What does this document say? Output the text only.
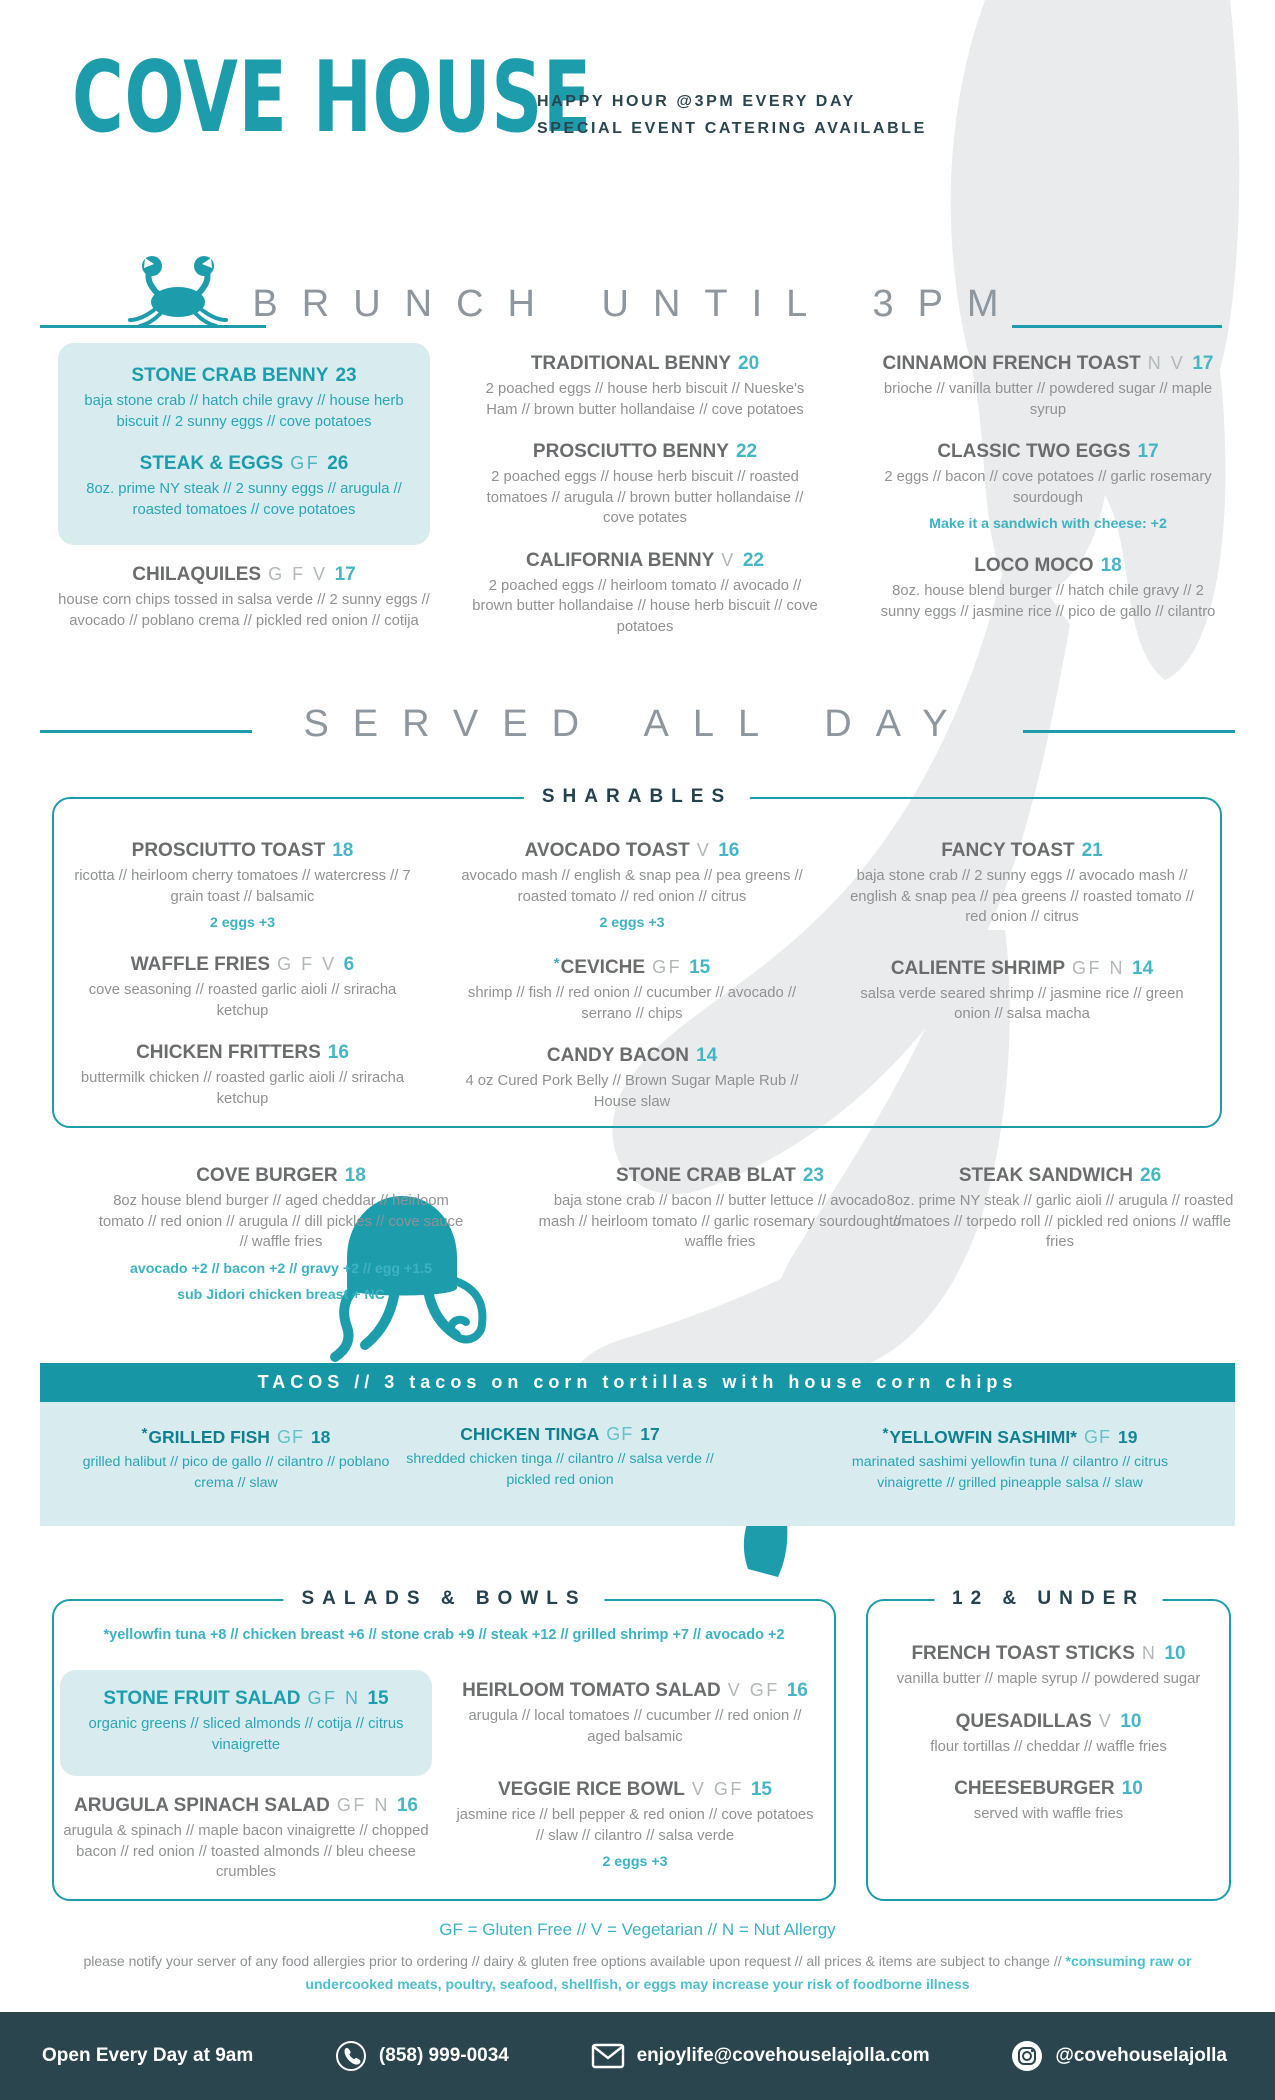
COVE HOUSE
HAPPY HOUR @3PM EVERY DAY
SPECIAL EVENT CATERING AVAILABLE
BRUNCH UNTIL 3PM
STONE CRAB BENNY 23
baja stone crab // hatch chile gravy // house herb biscuit // 2 sunny eggs // cove potatoes
STEAK & EGGS GF 26
8oz. prime NY steak // 2 sunny eggs // arugula // roasted tomatoes // cove potatoes
CHILAQUILES G F V 17
house corn chips tossed in salsa verde // 2 sunny eggs // avocado // poblano crema // pickled red onion // cotija
TRADITIONAL BENNY 20
2 poached eggs // house herb biscuit // Nueske's Ham // brown butter hollandaise // cove potatoes
PROSCIUTTO BENNY 22
2 poached eggs // house herb biscuit // roasted tomatoes // arugula // brown butter hollandaise // cove potates
CALIFORNIA BENNY V 22
2 poached eggs // heirloom tomato // avocado // brown butter hollandaise // house herb biscuit // cove potatoes
CINNAMON FRENCH TOAST N V 17
brioche // vanilla butter // powdered sugar // maple syrup
CLASSIC TWO EGGS 17
2 eggs // bacon // cove potatoes // garlic rosemary sourdough
Make it a sandwich with cheese: +2
LOCO MOCO 18
8oz. house blend burger // hatch chile gravy // 2 sunny eggs // jasmine rice // pico de gallo // cilantro
SERVED ALL DAY
SHARABLES
PROSCIUTTO TOAST 18
ricotta // heirloom cherry tomatoes // watercress // 7 grain toast // balsamic
2 eggs +3
WAFFLE FRIES G F V 6
cove seasoning // roasted garlic aioli // sriracha ketchup
CHICKEN FRITTERS 16
buttermilk chicken // roasted garlic aioli // sriracha ketchup
AVOCADO TOAST V 16
avocado mash // english & snap pea // pea greens // roasted tomato // red onion // citrus
2 eggs +3
*CEVICHE GF 15
shrimp // fish // red onion // cucumber // avocado // serrano // chips
CANDY BACON 14
4 oz Cured Pork Belly // Brown Sugar Maple Rub // House slaw
FANCY TOAST 21
baja stone crab // 2 sunny eggs // avocado mash // english & snap pea // pea greens // roasted tomato // red onion // citrus
CALIENTE SHRIMP GF N 14
salsa verde seared shrimp // jasmine rice // green onion // salsa macha
COVE BURGER 18
8oz house blend burger // aged cheddar // heirloom tomato // red onion // arugula // dill pickles // cove sauce // waffle fries
avocado +2 // bacon +2 // gravy +2 // egg +1.5
sub Jidori chicken breast + NC
STONE CRAB BLAT 23
baja stone crab // bacon // butter lettuce // avocado mash // heirloom tomato // garlic rosemary sourdough // waffle fries
STEAK SANDWICH 26
8oz. prime NY steak // garlic aioli // arugula // roasted tomatoes // torpedo roll // pickled red onions // waffle fries
TACOS // 3 tacos on corn tortillas with house corn chips
*GRILLED FISH GF 18
grilled halibut // pico de gallo // cilantro // poblano crema // slaw
CHICKEN TINGA GF 17
shredded chicken tinga // cilantro // salsa verde // pickled red onion
*YELLOWFIN SASHIMI* GF 19
marinated sashimi yellowfin tuna // cilantro // citrus vinaigrette // grilled pineapple salsa // slaw
SALADS & BOWLS
*yellowfin tuna +8 // chicken breast +6 // stone crab +9 // steak +12 // grilled shrimp +7 // avocado +2
STONE FRUIT SALAD GF N 15
organic greens // sliced almonds // cotija // citrus vinaigrette
ARUGULA SPINACH SALAD GF N 16
arugula & spinach // maple bacon vinaigrette // chopped bacon // red onion // toasted almonds // bleu cheese crumbles
HEIRLOOM TOMATO SALAD V GF 16
arugula // local tomatoes // cucumber // red onion // aged balsamic
VEGGIE RICE BOWL V GF 15
jasmine rice // bell pepper & red onion // cove potatoes // slaw // cilantro // salsa verde
2 eggs +3
12 & UNDER
FRENCH TOAST STICKS N 10
vanilla butter // maple syrup // powdered sugar
QUESADILLAS V 10
flour tortillas // cheddar // waffle fries
CHEESEBURGER 10
served with waffle fries
GF = Gluten Free // V = Vegetarian // N = Nut Allergy
please notify your server of any food allergies prior to ordering // dairy & gluten free options available upon request // all prices & items are subject to change // *consuming raw or undercooked meats, poultry, seafood, shellfish, or eggs may increase your risk of foodborne illness
Open Every Day at 9am	(858) 999-0034	enjoylife@covehouselajolla.com	@covehouselajolla
